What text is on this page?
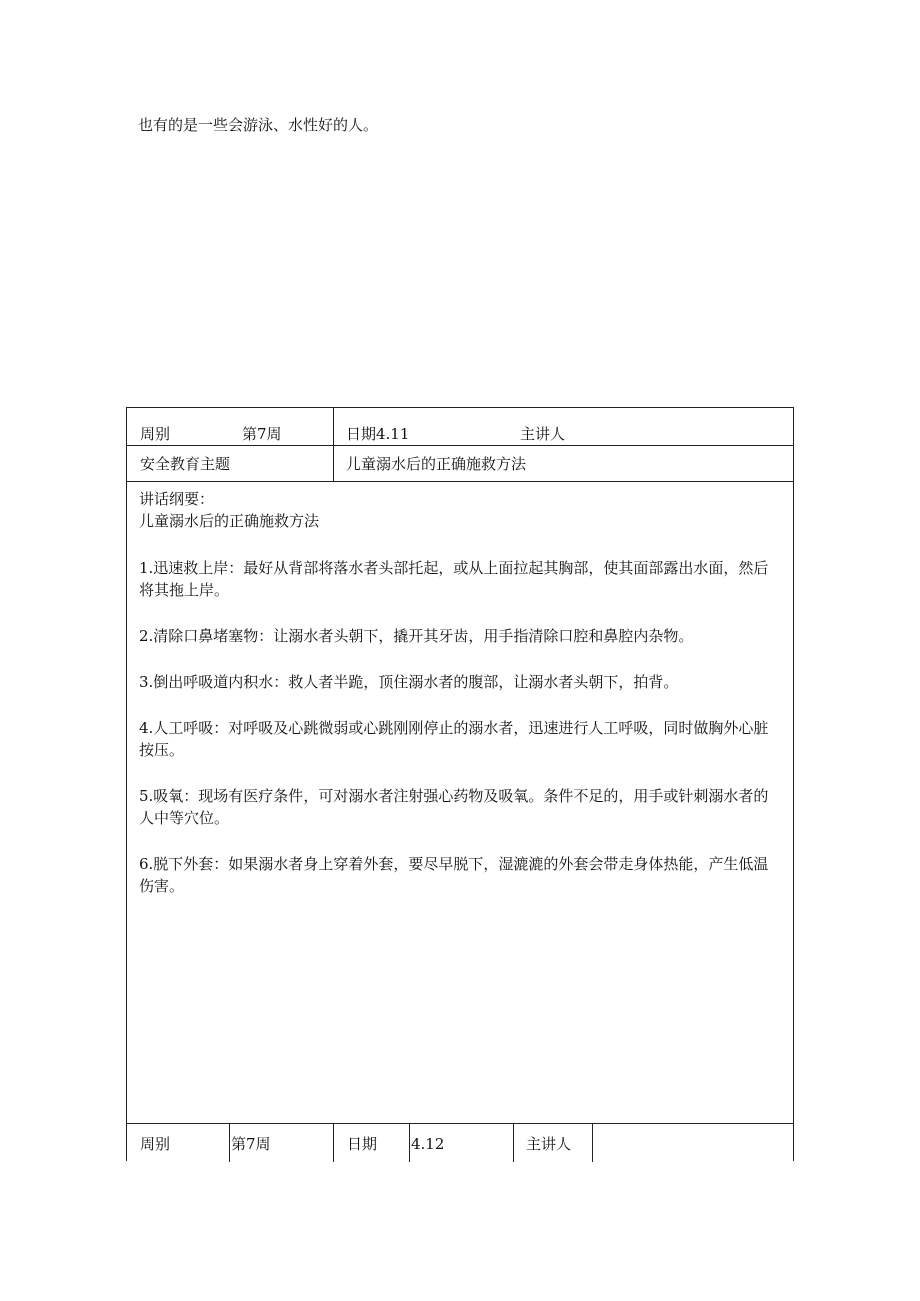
也有的是一些会游泳、水性好的人。
周别	第7周	日期4.11	主讲人
安全教育主题	儿童溺水后的正确施救方法

讲话纲要：

儿童溺水后的正确施救方法

1.迅速救上岸：最好从背部将落水者头部托起，或从上面拉起其胸部，使其面部露出水面，然后将其拖上岸。

2.清除口鼻堵塞物：让溺水者头朝下，撬开其牙齿，用手指清除口腔和鼻腔内杂物。

3.倒出呼吸道内积水：救人者半跪，顶住溺水者的腹部，让溺水者头朝下，拍背。

4.人工呼吸：对呼吸及心跳微弱或心跳刚刚停止的溺水者，迅速进行人工呼吸，同时做胸外心脏按压。

5.吸氧：现场有医疗条件，可对溺水者注射强心药物及吸氧。条件不足的，用手或针刺溺水者的人中等穴位。

6.脱下外套：如果溺水者身上穿着外套，要尽早脱下，湿漉漉的外套会带走身体热能，产生低温伤害。

周别	第7周	日期 4.12	主讲人
